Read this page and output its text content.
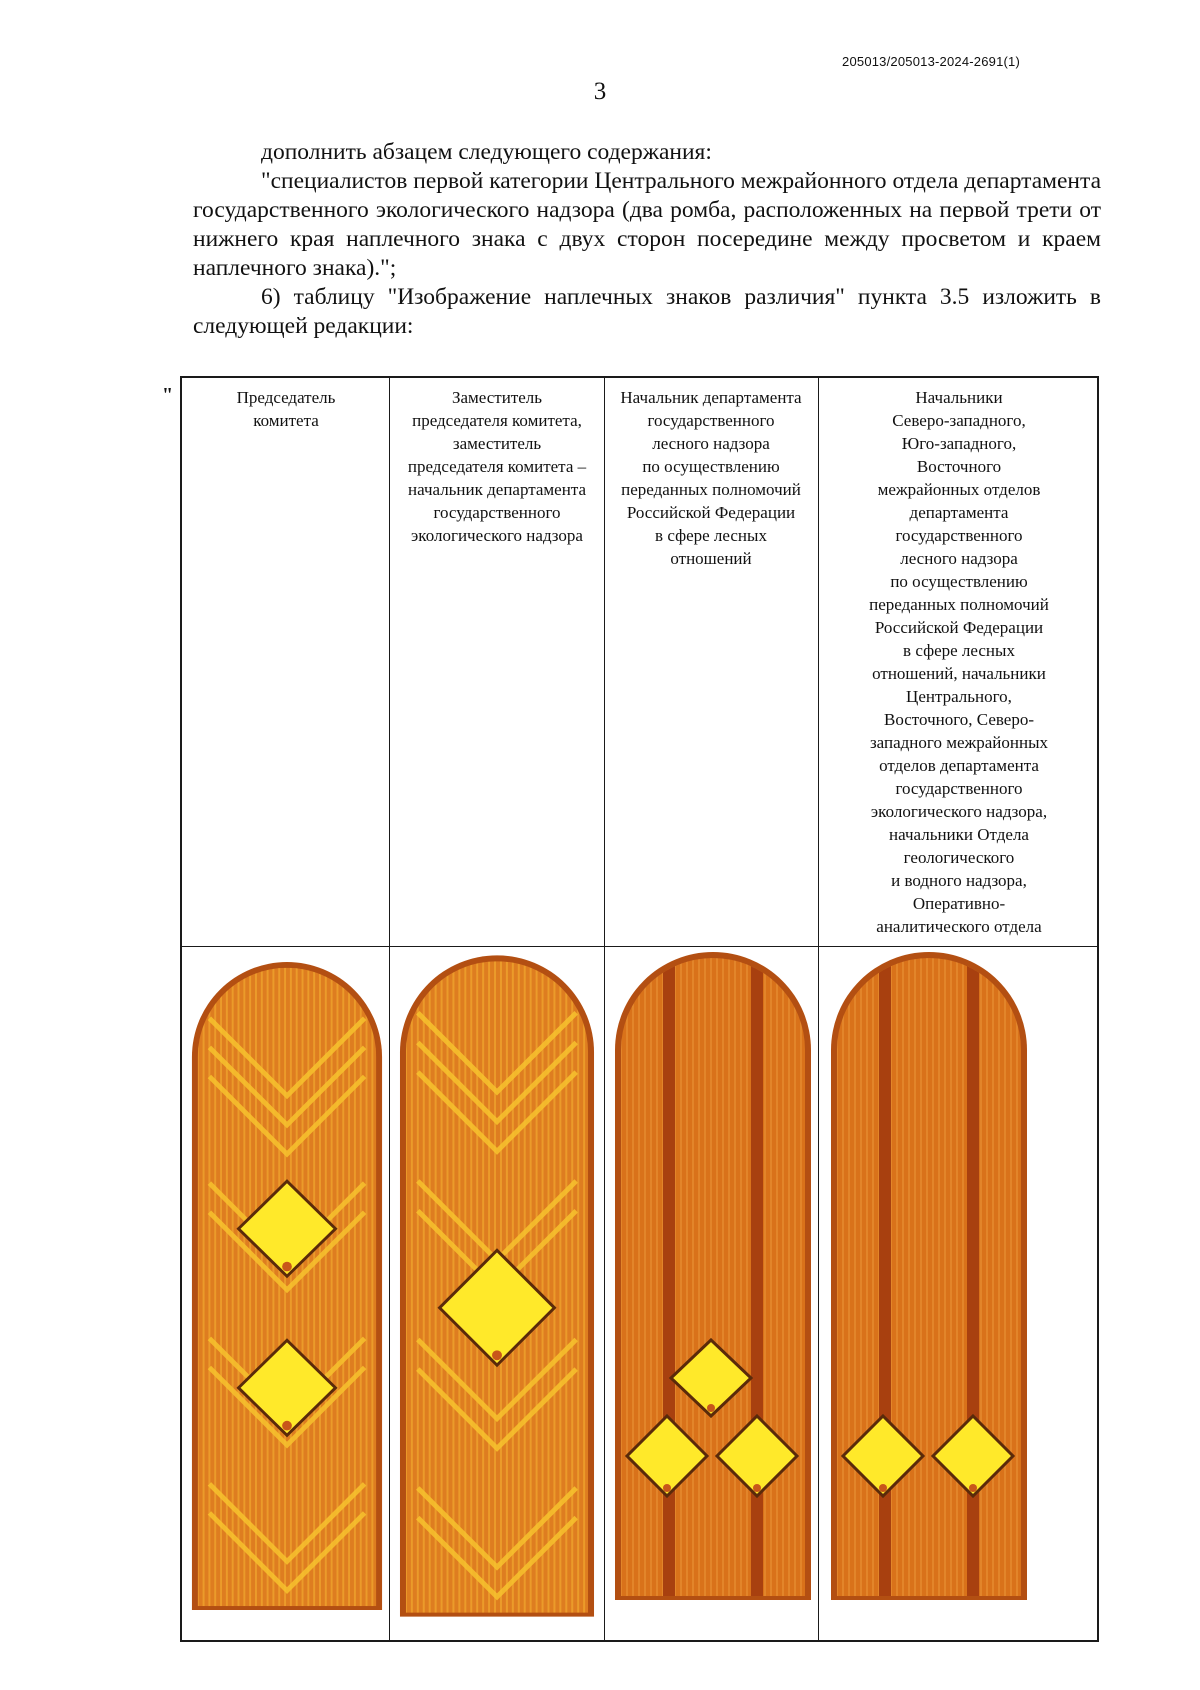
205013/205013-2024-2691(1)
3

дополнить абзацем следующего содержания:

"специалистов первой категории Центрального межрайонного отдела департамента государственного экологического надзора (два ромба, расположенных на первой трети от нижнего края наплечного знака с двух сторон посередине между просветом и краем наплечного знака).";

6) таблицу "Изображение наплечных знаков различия" пункта 3.5 изложить в следующей редакции:

"	Председатель
комитета
Заместитель
председателя комитета,
заместитель
председателя комитета –
начальник департамента
государственного
экологического надзора
Начальник департамента
государственного
лесного надзора
по осуществлению
переданных полномочий
Российской Федерации
в сфере лесных
отношений
Начальники
Северо-западного,
Юго-западного,
Восточного
межрайонных отделов
департамента
государственного
лесного надзора
по осуществлению
переданных полномочий
Российской Федерации
в сфере лесных
отношений, начальники
Центрального,
Восточного, Северо-
западного межрайонных
отделов департамента
государственного
экологического надзора,
начальники Отдела
геологического
и водного надзора,
Оперативно-
аналитического отдела
